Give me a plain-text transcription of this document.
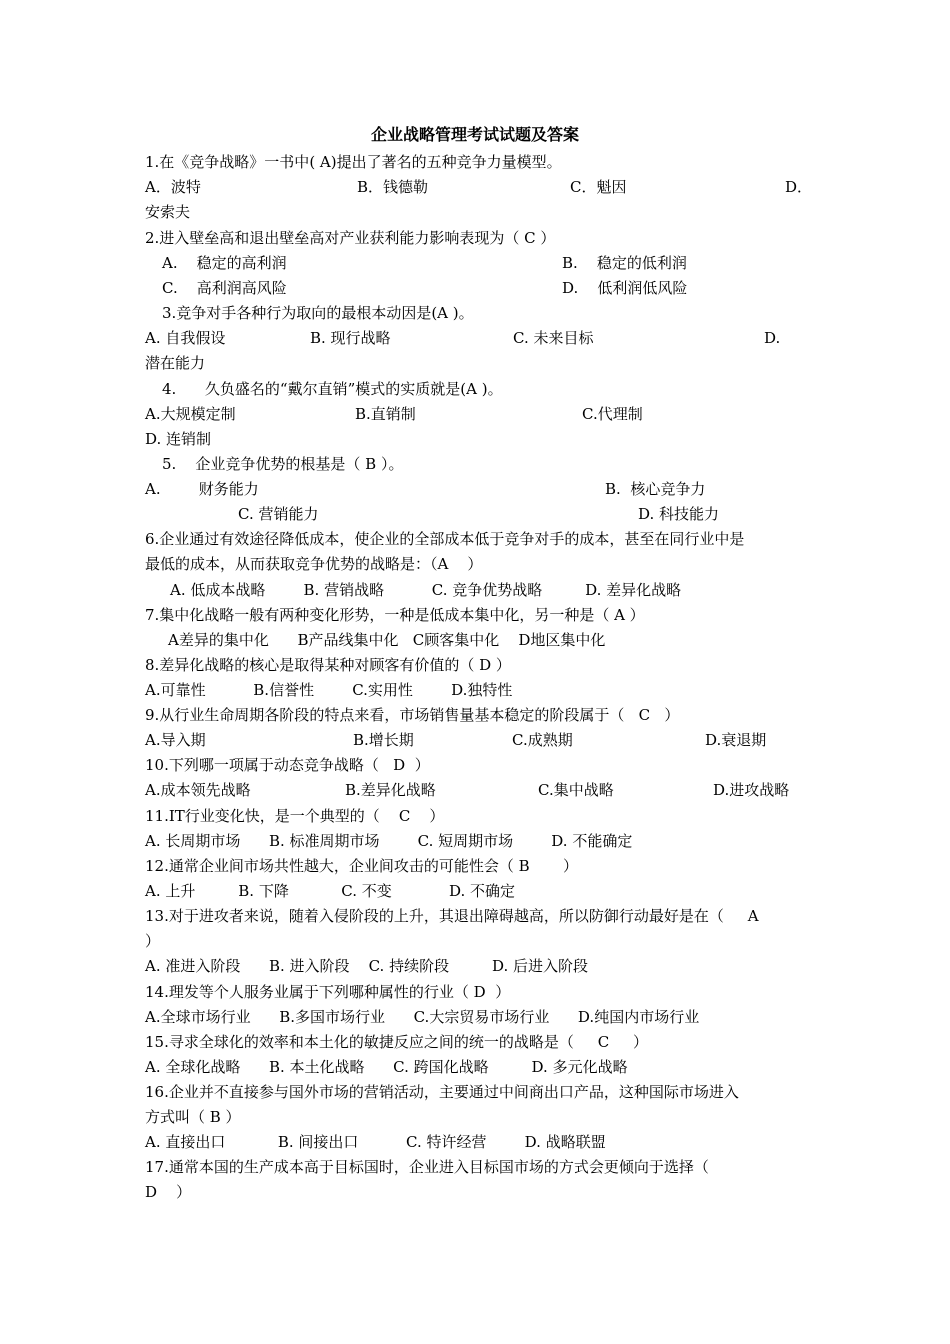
企业战略管理考试试题及答案
1.在《竞争战略》一书中( A)提出了著名的五种竞争力量模型。
A．波特	B．钱德勒	C．魁因	D．
安索夫
2.进入壁垒高和退出壁垒高对产业获利能力影响表现为（ C ）
A.    稳定的高利润	B.    稳定的低利润
C.    高利润高风险	D.    低利润低风险
3.竞争对手各种行为取向的最根本动因是(A )。
A. 自我假设	B. 现行战略	C. 未来目标	D.
潜在能力
4.      久负盛名的“戴尔直销”模式的实质就是(A )。
A.大规模定制	B.直销制	C.代理制
D. 连销制
5.    企业竞争优势的根基是（ B ）。
A.        财务能力	B.  核心竞争力
C. 营销能力	D. 科技能力
6.企业通过有效途径降低成本，使企业的全部成本低于竞争对手的成本，甚至在同行业中是
最低的成本，从而获取竞争优势的战略是：（A    ）
A. 低成本战略        B. 营销战略          C. 竞争优势战略         D. 差异化战略
7.集中化战略一般有两种变化形势，一种是低成本集中化，另一种是（ A ）
A差异的集中化      B产品线集中化   C顾客集中化    D地区集中化
8.差异化战略的核心是取得某种对顾客有价值的（ D ）
A.可靠性          B.信誉性        C.实用性        D.独特性
9.从行业生命周期各阶段的特点来看，市场销售量基本稳定的阶段属于（   C   ）
A.导入期	B.增长期	C.成熟期	D.衰退期
10.下列哪一项属于动态竞争战略（   D  ）
A.成本领先战略	B.差异化战略	C.集中战略	D.进攻战略
11.IT行业变化快，是一个典型的（    C    ）
A. 长周期市场      B. 标准周期市场        C. 短周期市场        D. 不能确定
12.通常企业间市场共性越大，企业间攻击的可能性会（ B       ）
A. 上升         B. 下降           C. 不变            D. 不确定
13.对于进攻者来说，随着入侵阶段的上升，其退出障碍越高，所以防御行动最好是在（     A
）
A. 准进入阶段      B. 进入阶段    C. 持续阶段         D. 后进入阶段
14.理发等个人服务业属于下列哪种属性的行业（ D  ）
A.全球市场行业      B.多国市场行业      C.大宗贸易市场行业      D.纯国内市场行业
15.寻求全球化的效率和本土化的敏捷反应之间的统一的战略是（     C     ）
A. 全球化战略      B. 本土化战略      C. 跨国化战略         D. 多元化战略
16.企业并不直接参与国外市场的营销活动，主要通过中间商出口产品，这种国际市场进入
方式叫（ B ）
A. 直接出口           B. 间接出口          C. 特许经营        D. 战略联盟
17.通常本国的生产成本高于目标国时，企业进入目标国市场的方式会更倾向于选择（
D    ）
